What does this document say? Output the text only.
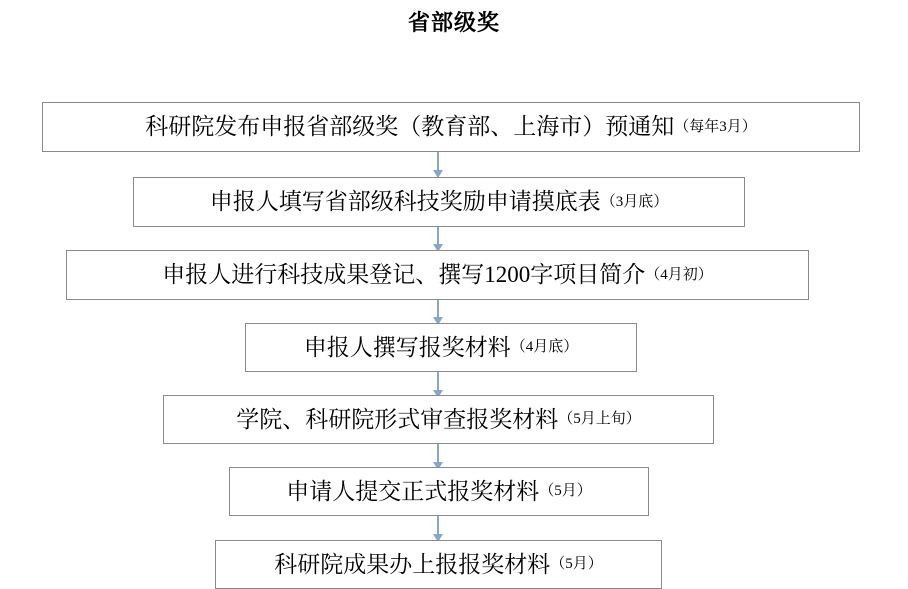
省部级奖
科研院发布申报省部级奖（教育部、上海市）预通知 （每年3月）
申报人填写省部级科技奖励申请摸底表 （3月底）
申报人进行科技成果登记、撰写1200字项目简介 （4月初）
申报人撰写报奖材料 （4月底）
学院、科研院形式审查报奖材料 （5月上旬）
申请人提交正式报奖材料 （5月）
科研院成果办上报报奖材料 （5月）
